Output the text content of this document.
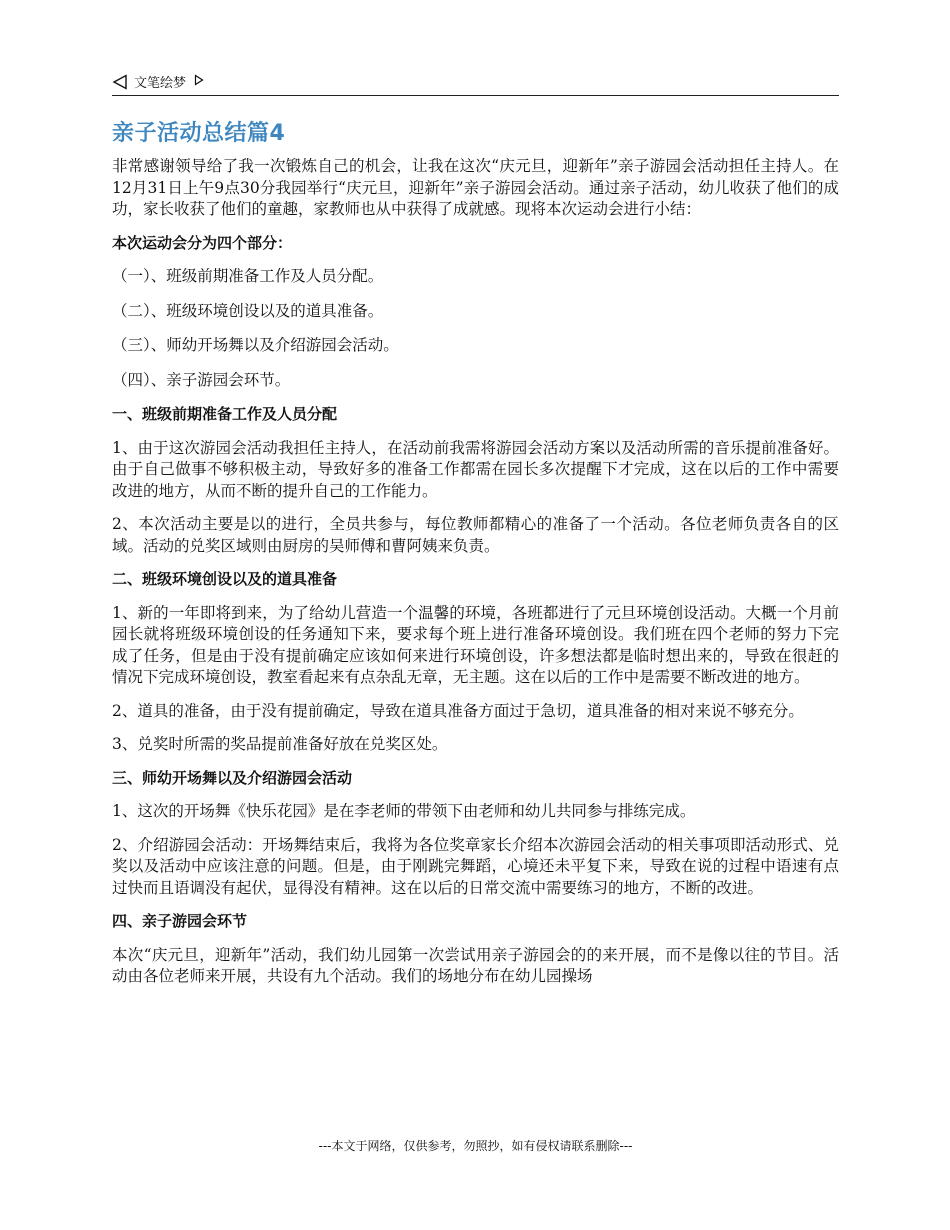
文笔绘梦
亲子活动总结篇4

非常感谢领导给了我一次锻炼自己的机会，让我在这次“庆元旦，迎新年”亲子游园会活动担任主持人。在12月31日上午9点30分我园举行“庆元旦，迎新年”亲子游园会活动。通过亲子活动，幼儿收获了他们的成功，家长收获了他们的童趣，家教师也从中获得了成就感。现将本次运动会进行小结：

本次运动会分为四个部分：

（一）、班级前期准备工作及人员分配。

（二）、班级环境创设以及的道具准备。

（三）、师幼开场舞以及介绍游园会活动。

（四）、亲子游园会环节。

一、班级前期准备工作及人员分配

1、由于这次游园会活动我担任主持人，在活动前我需将游园会活动方案以及活动所需的音乐提前准备好。由于自己做事不够积极主动，导致好多的准备工作都需在园长多次提醒下才完成，这在以后的工作中需要改进的地方，从而不断的提升自己的工作能力。

2、本次活动主要是以的进行，全员共参与，每位教师都精心的准备了一个活动。各位老师负责各自的区域。活动的兑奖区域则由厨房的吴师傅和曹阿姨来负责。

二、班级环境创设以及的道具准备

1、新的一年即将到来，为了给幼儿营造一个温馨的环境，各班都进行了元旦环境创设活动。大概一个月前园长就将班级环境创设的任务通知下来，要求每个班上进行准备环境创设。我们班在四个老师的努力下完成了任务，但是由于没有提前确定应该如何来进行环境创设，许多想法都是临时想出来的，导致在很赶的情况下完成环境创设，教室看起来有点杂乱无章，无主题。这在以后的工作中是需要不断改进的地方。

2、道具的准备，由于没有提前确定，导致在道具准备方面过于急切，道具准备的相对来说不够充分。

3、兑奖时所需的奖品提前准备好放在兑奖区处。

三、师幼开场舞以及介绍游园会活动

1、这次的开场舞《快乐花园》是在李老师的带领下由老师和幼儿共同参与排练完成。

2、介绍游园会活动：开场舞结束后，我将为各位奖章家长介绍本次游园会活动的相关事项即活动形式、兑奖以及活动中应该注意的问题。但是，由于刚跳完舞蹈，心境还未平复下来，导致在说的过程中语速有点过快而且语调没有起伏，显得没有精神。这在以后的日常交流中需要练习的地方，不断的改进。

四、亲子游园会环节

本次“庆元旦，迎新年”活动，我们幼儿园第一次尝试用亲子游园会的的来开展，而不是像以往的节目。活动由各位老师来开展，共设有九个活动。我们的场地分布在幼儿园操场

---本文于网络，仅供参考，勿照抄，如有侵权请联系删除---
